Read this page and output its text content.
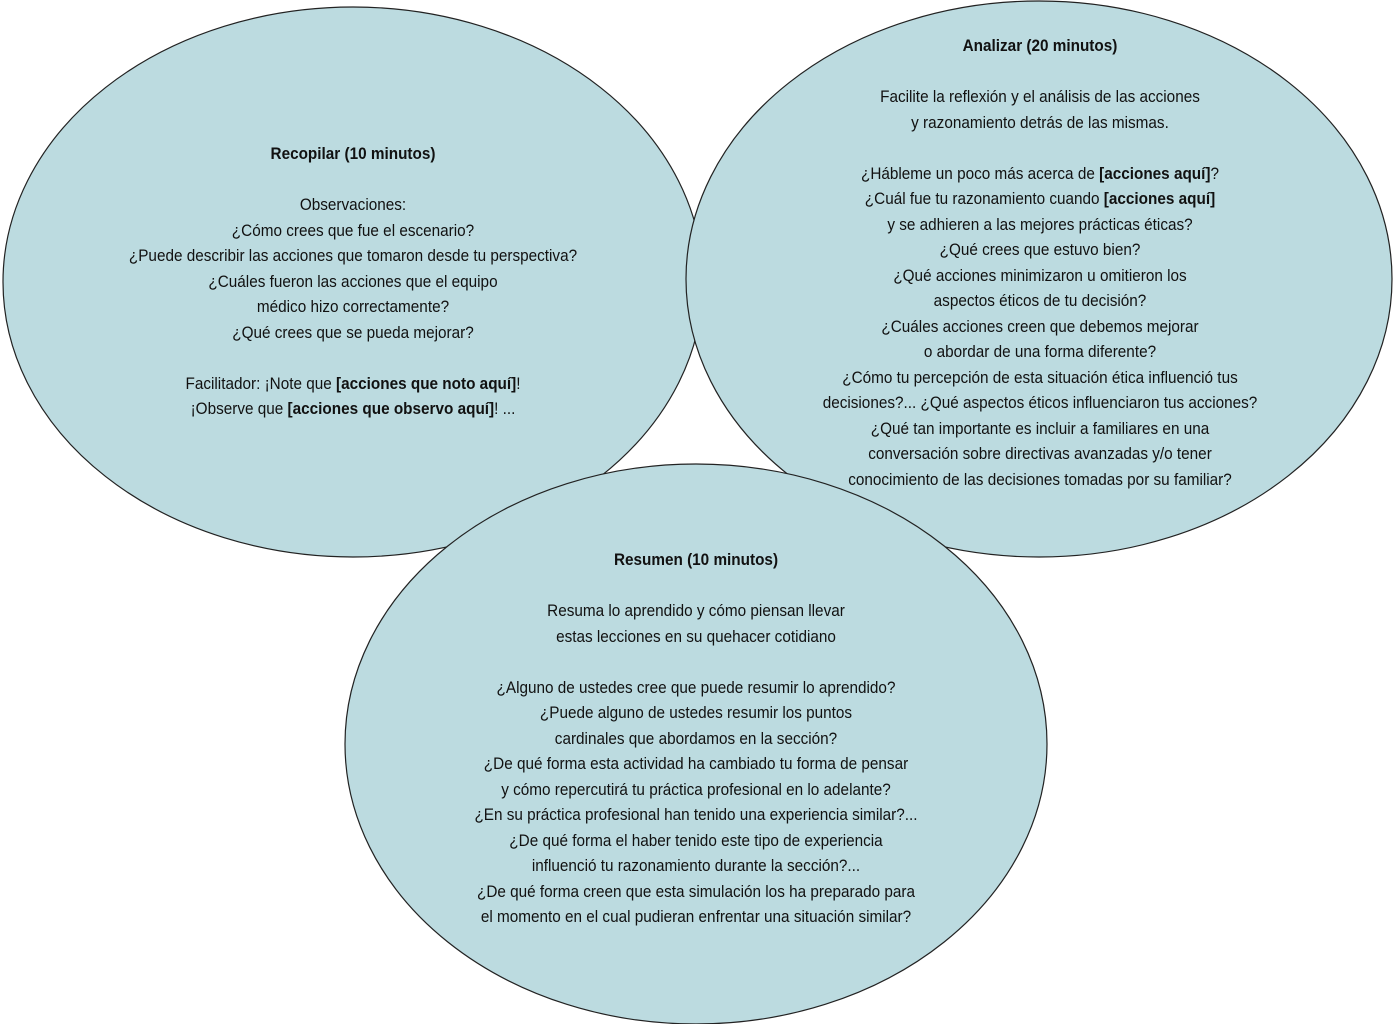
Recopilar (10 minutos)
Observaciones:
¿Cómo crees que fue el escenario?
¿Puede describir las acciones que tomaron desde tu perspectiva?
¿Cuáles fueron las acciones que el equipo
médico hizo correctamente?
¿Qué crees que se pueda mejorar?
Facilitador: ¡Note que [acciones que noto aquí]!
¡Observe que [acciones que observo aquí]! ...
Analizar (20 minutos)
Facilite la reflexión y el análisis de las acciones
y razonamiento detrás de las mismas.
¿Hábleme un poco más acerca de [acciones aquí]?
¿Cuál fue tu razonamiento cuando [acciones aquí]
y se adhieren a las mejores prácticas éticas?
¿Qué crees que estuvo bien?
¿Qué acciones minimizaron u omitieron los
aspectos éticos de tu decisión?
¿Cuáles acciones creen que debemos mejorar
o abordar de una forma diferente?
¿Cómo tu percepción de esta situación ética influenció tus
decisiones?... ¿Qué aspectos éticos influenciaron tus acciones?
¿Qué tan importante es incluir a familiares en una
conversación sobre directivas avanzadas y/o tener
conocimiento de las decisiones tomadas por su familiar?
Resumen (10 minutos)
Resuma lo aprendido y cómo piensan llevar
estas lecciones en su quehacer cotidiano
¿Alguno de ustedes cree que puede resumir lo aprendido?
¿Puede alguno de ustedes resumir los puntos
cardinales que abordamos en la sección?
¿De qué forma esta actividad ha cambiado tu forma de pensar
y cómo repercutirá tu práctica profesional en lo adelante?
¿En su práctica profesional han tenido una experiencia similar?...
¿De qué forma el haber tenido este tipo de experiencia
influenció tu razonamiento durante la sección?...
¿De qué forma creen que esta simulación los ha preparado para
el momento en el cual pudieran enfrentar una situación similar?
